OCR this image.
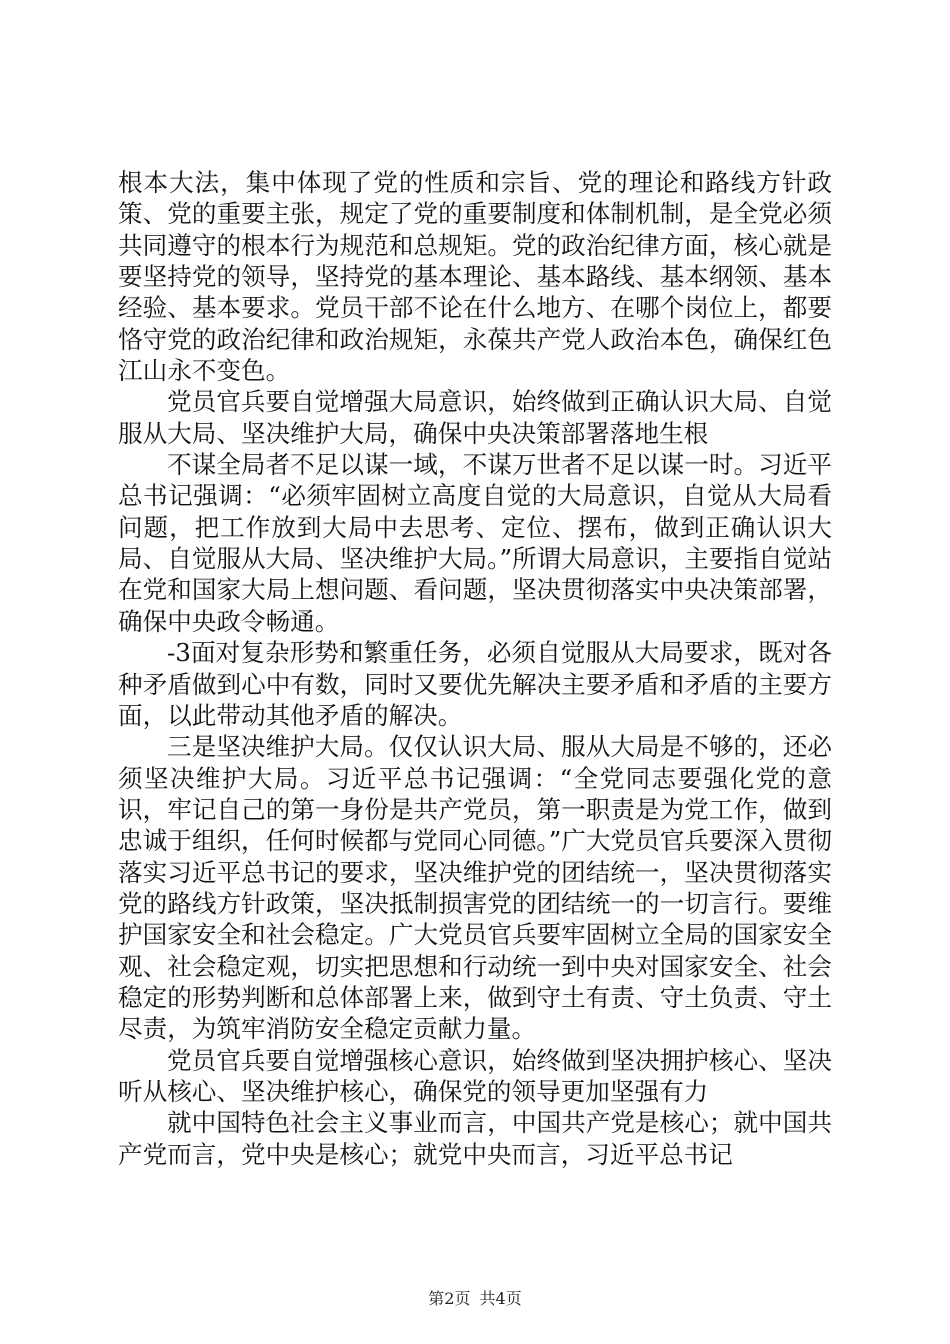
根本大法，集中体现了党的性质和宗旨、党的理论和路线方针政策、党的重要主张，规定了党的重要制度和体制机制，是全党必须共同遵守的根本行为规范和总规矩。党的政治纪律方面，核心就是要坚持党的领导，坚持党的基本理论、基本路线、基本纲领、基本经验、基本要求。党员干部不论在什么地方、在哪个岗位上，都要恪守党的政治纪律和政治规矩，永葆共产党人政治本色，确保红色江山永不变色。

党员官兵要自觉增强大局意识，始终做到正确认识大局、自觉服从大局、坚决维护大局，确保中央决策部署落地生根

不谋全局者不足以谋一域，不谋万世者不足以谋一时。习近平总书记强调：“必须牢固树立高度自觉的大局意识，自觉从大局看问题，把工作放到大局中去思考、定位、摆布，做到正确认识大局、自觉服从大局、坚决维护大局。”所谓大局意识，主要指自觉站在党和国家大局上想问题、看问题，坚决贯彻落实中央决策部署，确保中央政令畅通。

-3面对复杂形势和繁重任务，必须自觉服从大局要求，既对各种矛盾做到心中有数，同时又要优先解决主要矛盾和矛盾的主要方面，以此带动其他矛盾的解决。

三是坚决维护大局。仅仅认识大局、服从大局是不够的，还必须坚决维护大局。习近平总书记强调：“全党同志要强化党的意识，牢记自己的第一身份是共产党员，第一职责是为党工作，做到忠诚于组织，任何时候都与党同心同德。”广大党员官兵要深入贯彻落实习近平总书记的要求，坚决维护党的团结统一，坚决贯彻落实党的路线方针政策，坚决抵制损害党的团结统一的一切言行。要维护国家安全和社会稳定。广大党员官兵要牢固树立全局的国家安全观、社会稳定观，切实把思想和行动统一到中央对国家安全、社会稳定的形势判断和总体部署上来，做到守土有责、守土负责、守土尽责，为筑牢消防安全稳定贡献力量。

党员官兵要自觉增强核心意识，始终做到坚决拥护核心、坚决听从核心、坚决维护核心，确保党的领导更加坚强有力

就中国特色社会主义事业而言，中国共产党是核心；就中国共产党而言，党中央是核心；就党中央而言，习近平总书记

第2页 共4页
